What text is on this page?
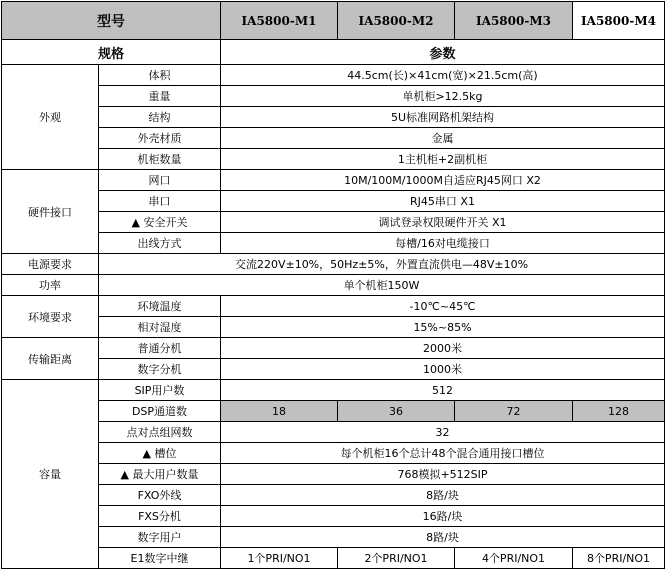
型号		IA5800-M1	IA5800-M2	IA5800-M3	IA5800-M4
规格		参数			
外观	体积	44.5cm(长)×41cm(宽)×21.5cm(高)			
	重量	单机柜>12.5kg			
	结构	5U标准网路机架结构			
	外壳材质	金属			
	机柜数量	1主机柜+2副机柜			
硬件接口	网口	10M/100M/1000M自适应RJ45网口 X2			
	串口	RJ45串口 X1			
	▲ 安全开关	调试登录权限硬件开关 X1			
	出线方式	每槽/16对电缆接口			
电源要求	交流220V±10%，50Hz±5%，外置直流供电—48V±10%				
功率	单个机柜150W				
环境要求	环境温度	-10℃~45℃			
	相对湿度	15%~85%			
传输距离	普通分机	2000米			
	数字分机	1000米			
容量	SIP用户数	512			
	DSP通道数	18	36	72	128
	点对点组网数	32			
	▲ 槽位	每个机柜16个总计48个混合通用接口槽位			
	▲ 最大用户数量	768模拟+512SIP			
	FXO外线	8路/块			
	FXS分机	16路/块			
	数字用户	8路/块			
	E1数字中继	1个PRI/NO1	2个PRI/NO1	4个PRI/NO1	8个PRI/NO1
